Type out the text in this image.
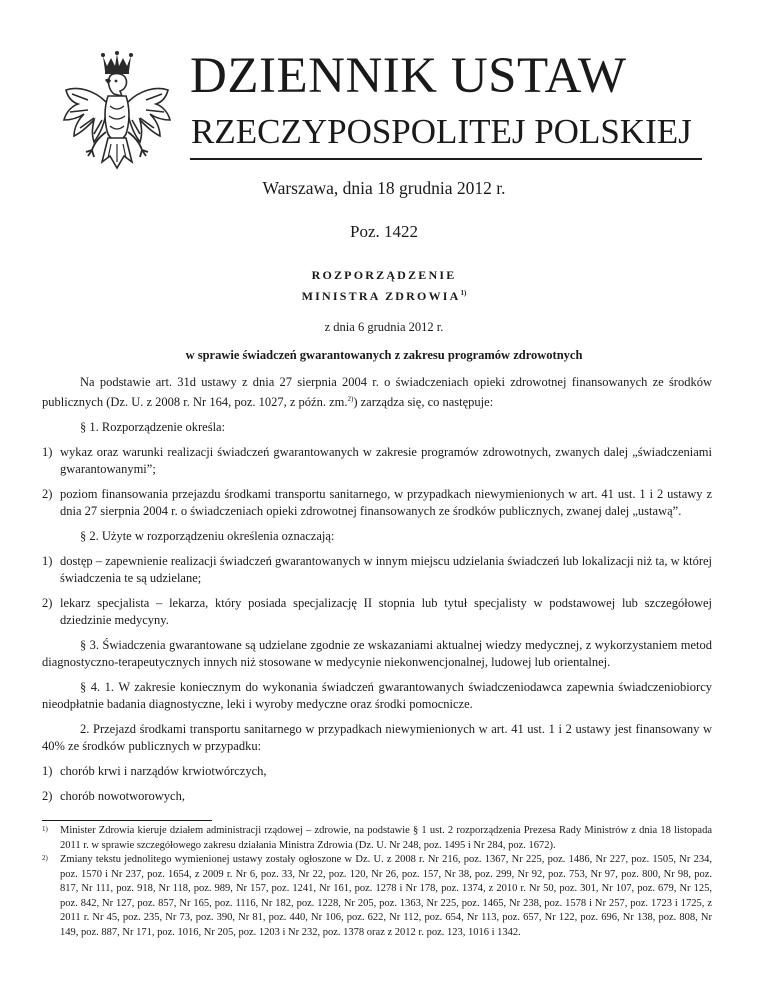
DZIENNIK USTAW
RZECZYPOSPOLITEJ POLSKIEJ
Warszawa, dnia 18 grudnia 2012 r.
Poz. 1422
ROZPORZĄDZENIE
MINISTRA ZDROWIA$^{1)}$
z dnia 6 grudnia 2012 r.
w sprawie świadczeń gwarantowanych z zakresu programów zdrowotnych

Na podstawie art. 31d ustawy z dnia 27 sierpnia 2004 r. o świadczeniach opieki zdrowotnej finansowanych ze środków publicznych (Dz. U. z 2008 r. Nr 164, poz. 1027, z późn. zm.$^{2)}$) zarządza się, co następuje:

§ 1. Rozporządzenie określa:

1) wykaz oraz warunki realizacji świadczeń gwarantowanych w zakresie programów zdrowotnych, zwanych dalej „świadczeniami gwarantowanymi”;

2) poziom finansowania przejazdu środkami transportu sanitarnego, w przypadkach niewymienionych w art. 41 ust. 1 i 2 ustawy z dnia 27 sierpnia 2004 r. o świadczeniach opieki zdrowotnej finansowanych ze środków publicznych, zwanej dalej „ustawą”.

§ 2. Użyte w rozporządzeniu określenia oznaczają:

1) dostęp – zapewnienie realizacji świadczeń gwarantowanych w innym miejscu udzielania świadczeń lub lokalizacji niż ta, w której świadczenia te są udzielane;

2) lekarz specjalista – lekarza, który posiada specjalizację II stopnia lub tytuł specjalisty w podstawowej lub szczegółowej dziedzinie medycyny.

§ 3. Świadczenia gwarantowane są udzielane zgodnie ze wskazaniami aktualnej wiedzy medycznej, z wykorzystaniem metod diagnostyczno-terapeutycznych innych niż stosowane w medycynie niekonwencjonalnej, ludowej lub orientalnej.

§ 4. 1. W zakresie koniecznym do wykonania świadczeń gwarantowanych świadczeniodawca zapewnia świadczeniobiorcy nieodpłatnie badania diagnostyczne, leki i wyroby medyczne oraz środki pomocnicze.

2. Przejazd środkami transportu sanitarnego w przypadkach niewymienionych w art. 41 ust. 1 i 2 ustawy jest finansowany w 40% ze środków publicznych w przypadku:

1) chorób krwi i narządów krwiotwórczych,

2) chorób nowotworowych,

1) Minister Zdrowia kieruje działem administracji rządowej – zdrowie, na podstawie § 1 ust. 2 rozporządzenia Prezesa Rady Ministrów z dnia 18 listopada 2011 r. w sprawie szczegółowego zakresu działania Ministra Zdrowia (Dz. U. Nr 248, poz. 1495 i Nr 284, poz. 1672).

2) Zmiany tekstu jednolitego wymienionej ustawy zostały ogłoszone w Dz. U. z 2008 r. Nr 216, poz. 1367, Nr 225, poz. 1486, Nr 227, poz. 1505, Nr 234, poz. 1570 i Nr 237, poz. 1654, z 2009 r. Nr 6, poz. 33, Nr 22, poz. 120, Nr 26, poz. 157, Nr 38, poz. 299, Nr 92, poz. 753, Nr 97, poz. 800, Nr 98, poz. 817, Nr 111, poz. 918, Nr 118, poz. 989, Nr 157, poz. 1241, Nr 161, poz. 1278 i Nr 178, poz. 1374, z 2010 r. Nr 50, poz. 301, Nr 107, poz. 679, Nr 125, poz. 842, Nr 127, poz. 857, Nr 165, poz. 1116, Nr 182, poz. 1228, Nr 205, poz. 1363, Nr 225, poz. 1465, Nr 238, poz. 1578 i Nr 257, poz. 1723 i 1725, z 2011 r. Nr 45, poz. 235, Nr 73, poz. 390, Nr 81, poz. 440, Nr 106, poz. 622, Nr 112, poz. 654, Nr 113, poz. 657, Nr 122, poz. 696, Nr 138, poz. 808, Nr 149, poz. 887, Nr 171, poz. 1016, Nr 205, poz. 1203 i Nr 232, poz. 1378 oraz z 2012 r. poz. 123, 1016 i 1342.
